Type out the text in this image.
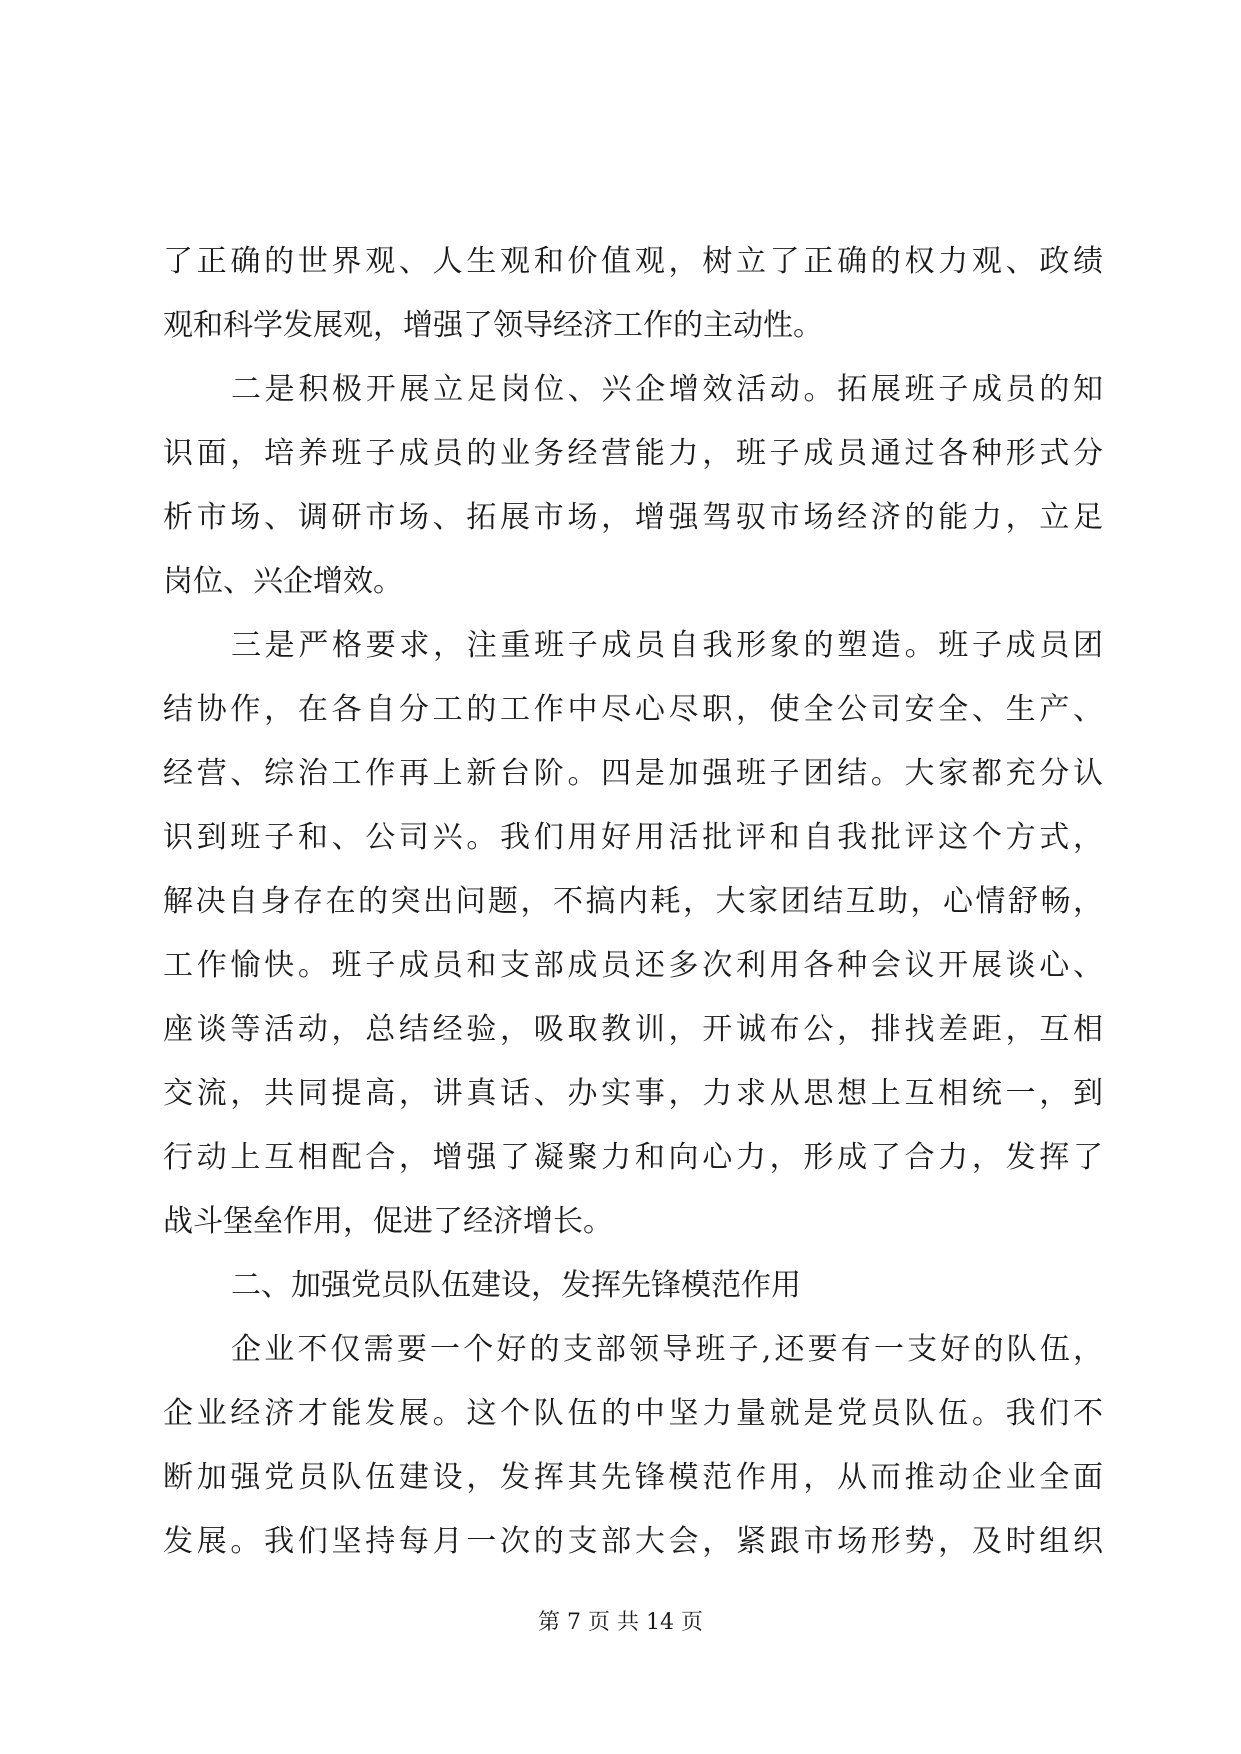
了正确的世界观、人生观和价值观，树立了正确的权力观、政绩
观和科学发展观，增强了领导经济工作的主动性。
二是积极开展立足岗位、兴企增效活动。拓展班子成员的知
识面，培养班子成员的业务经营能力，班子成员通过各种形式分
析市场、调研市场、拓展市场，增强驾驭市场经济的能力，立足
岗位、兴企增效。
三是严格要求，注重班子成员自我形象的塑造。班子成员团
结协作，在各自分工的工作中尽心尽职，使全公司安全、生产、
经营、综治工作再上新台阶。四是加强班子团结。大家都充分认
识到班子和、公司兴。我们用好用活批评和自我批评这个方式，
解决自身存在的突出问题，不搞内耗，大家团结互助，心情舒畅，
工作愉快。班子成员和支部成员还多次利用各种会议开展谈心、
座谈等活动，总结经验，吸取教训，开诚布公，排找差距，互相
交流，共同提高，讲真话、办实事，力求从思想上互相统一，到
行动上互相配合，增强了凝聚力和向心力，形成了合力，发挥了
战斗堡垒作用，促进了经济增长。
二、加强党员队伍建设，发挥先锋模范作用
企业不仅需要一个好的支部领导班子,还要有一支好的队伍，
企业经济才能发展。这个队伍的中坚力量就是党员队伍。我们不
断加强党员队伍建设，发挥其先锋模范作用，从而推动企业全面
发展。我们坚持每月一次的支部大会，紧跟市场形势，及时组织
第 7 页 共 14 页
